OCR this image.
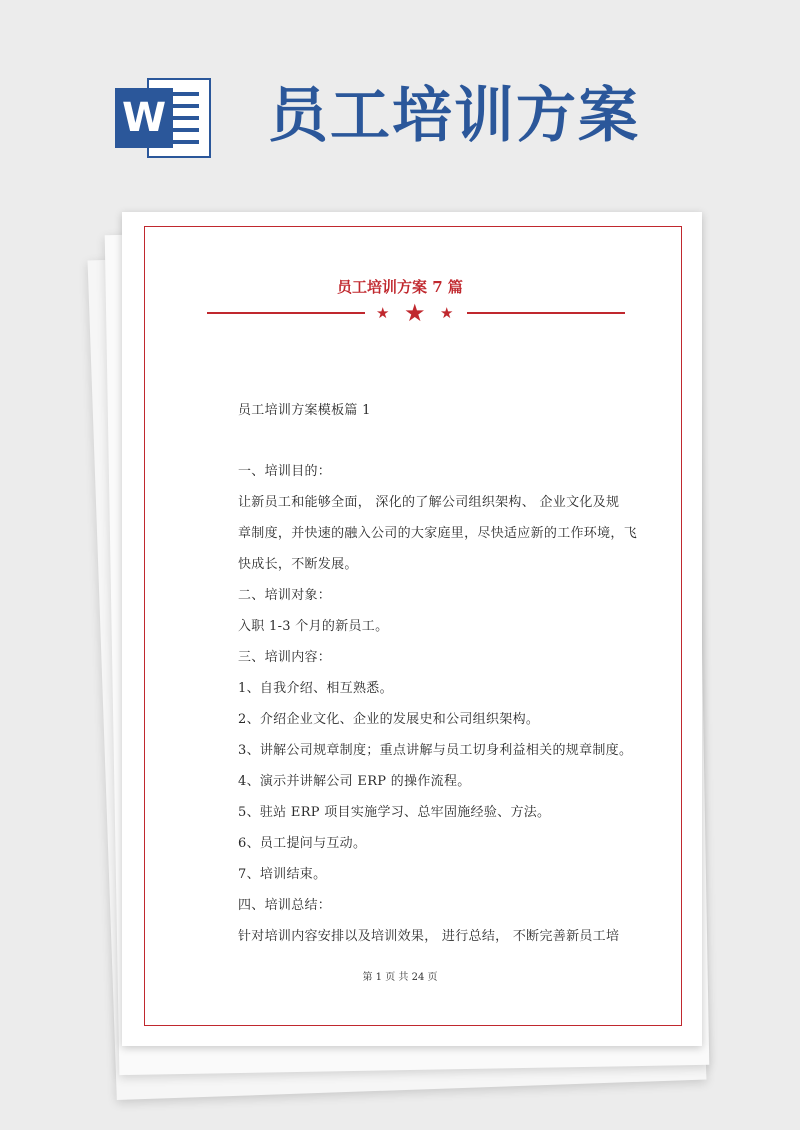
W 员工培训方案
员工培训方案 7 篇
★ ★ ★

员工培训方案模板篇 1

一、培训目的：

让新员工和能够全面， 深化的了解公司组织架构、 企业文化及规

章制度，并快速的融入公司的大家庭里，尽快适应新的工作环境，飞

快成长，不断发展。

二、培训对象：

入职 1-3 个月的新员工。

三、培训内容：

1、自我介绍、相互熟悉。

2、介绍企业文化、企业的发展史和公司组织架构。

3、讲解公司规章制度；重点讲解与员工切身利益相关的规章制度。

4、演示并讲解公司 ERP 的操作流程。

5、驻站 ERP 项目实施学习、总牢固施经验、方法。

6、员工提问与互动。

7、培训结束。

四、培训总结：

针对培训内容安排以及培训效果， 进行总结， 不断完善新员工培

第 1 页 共 24 页
